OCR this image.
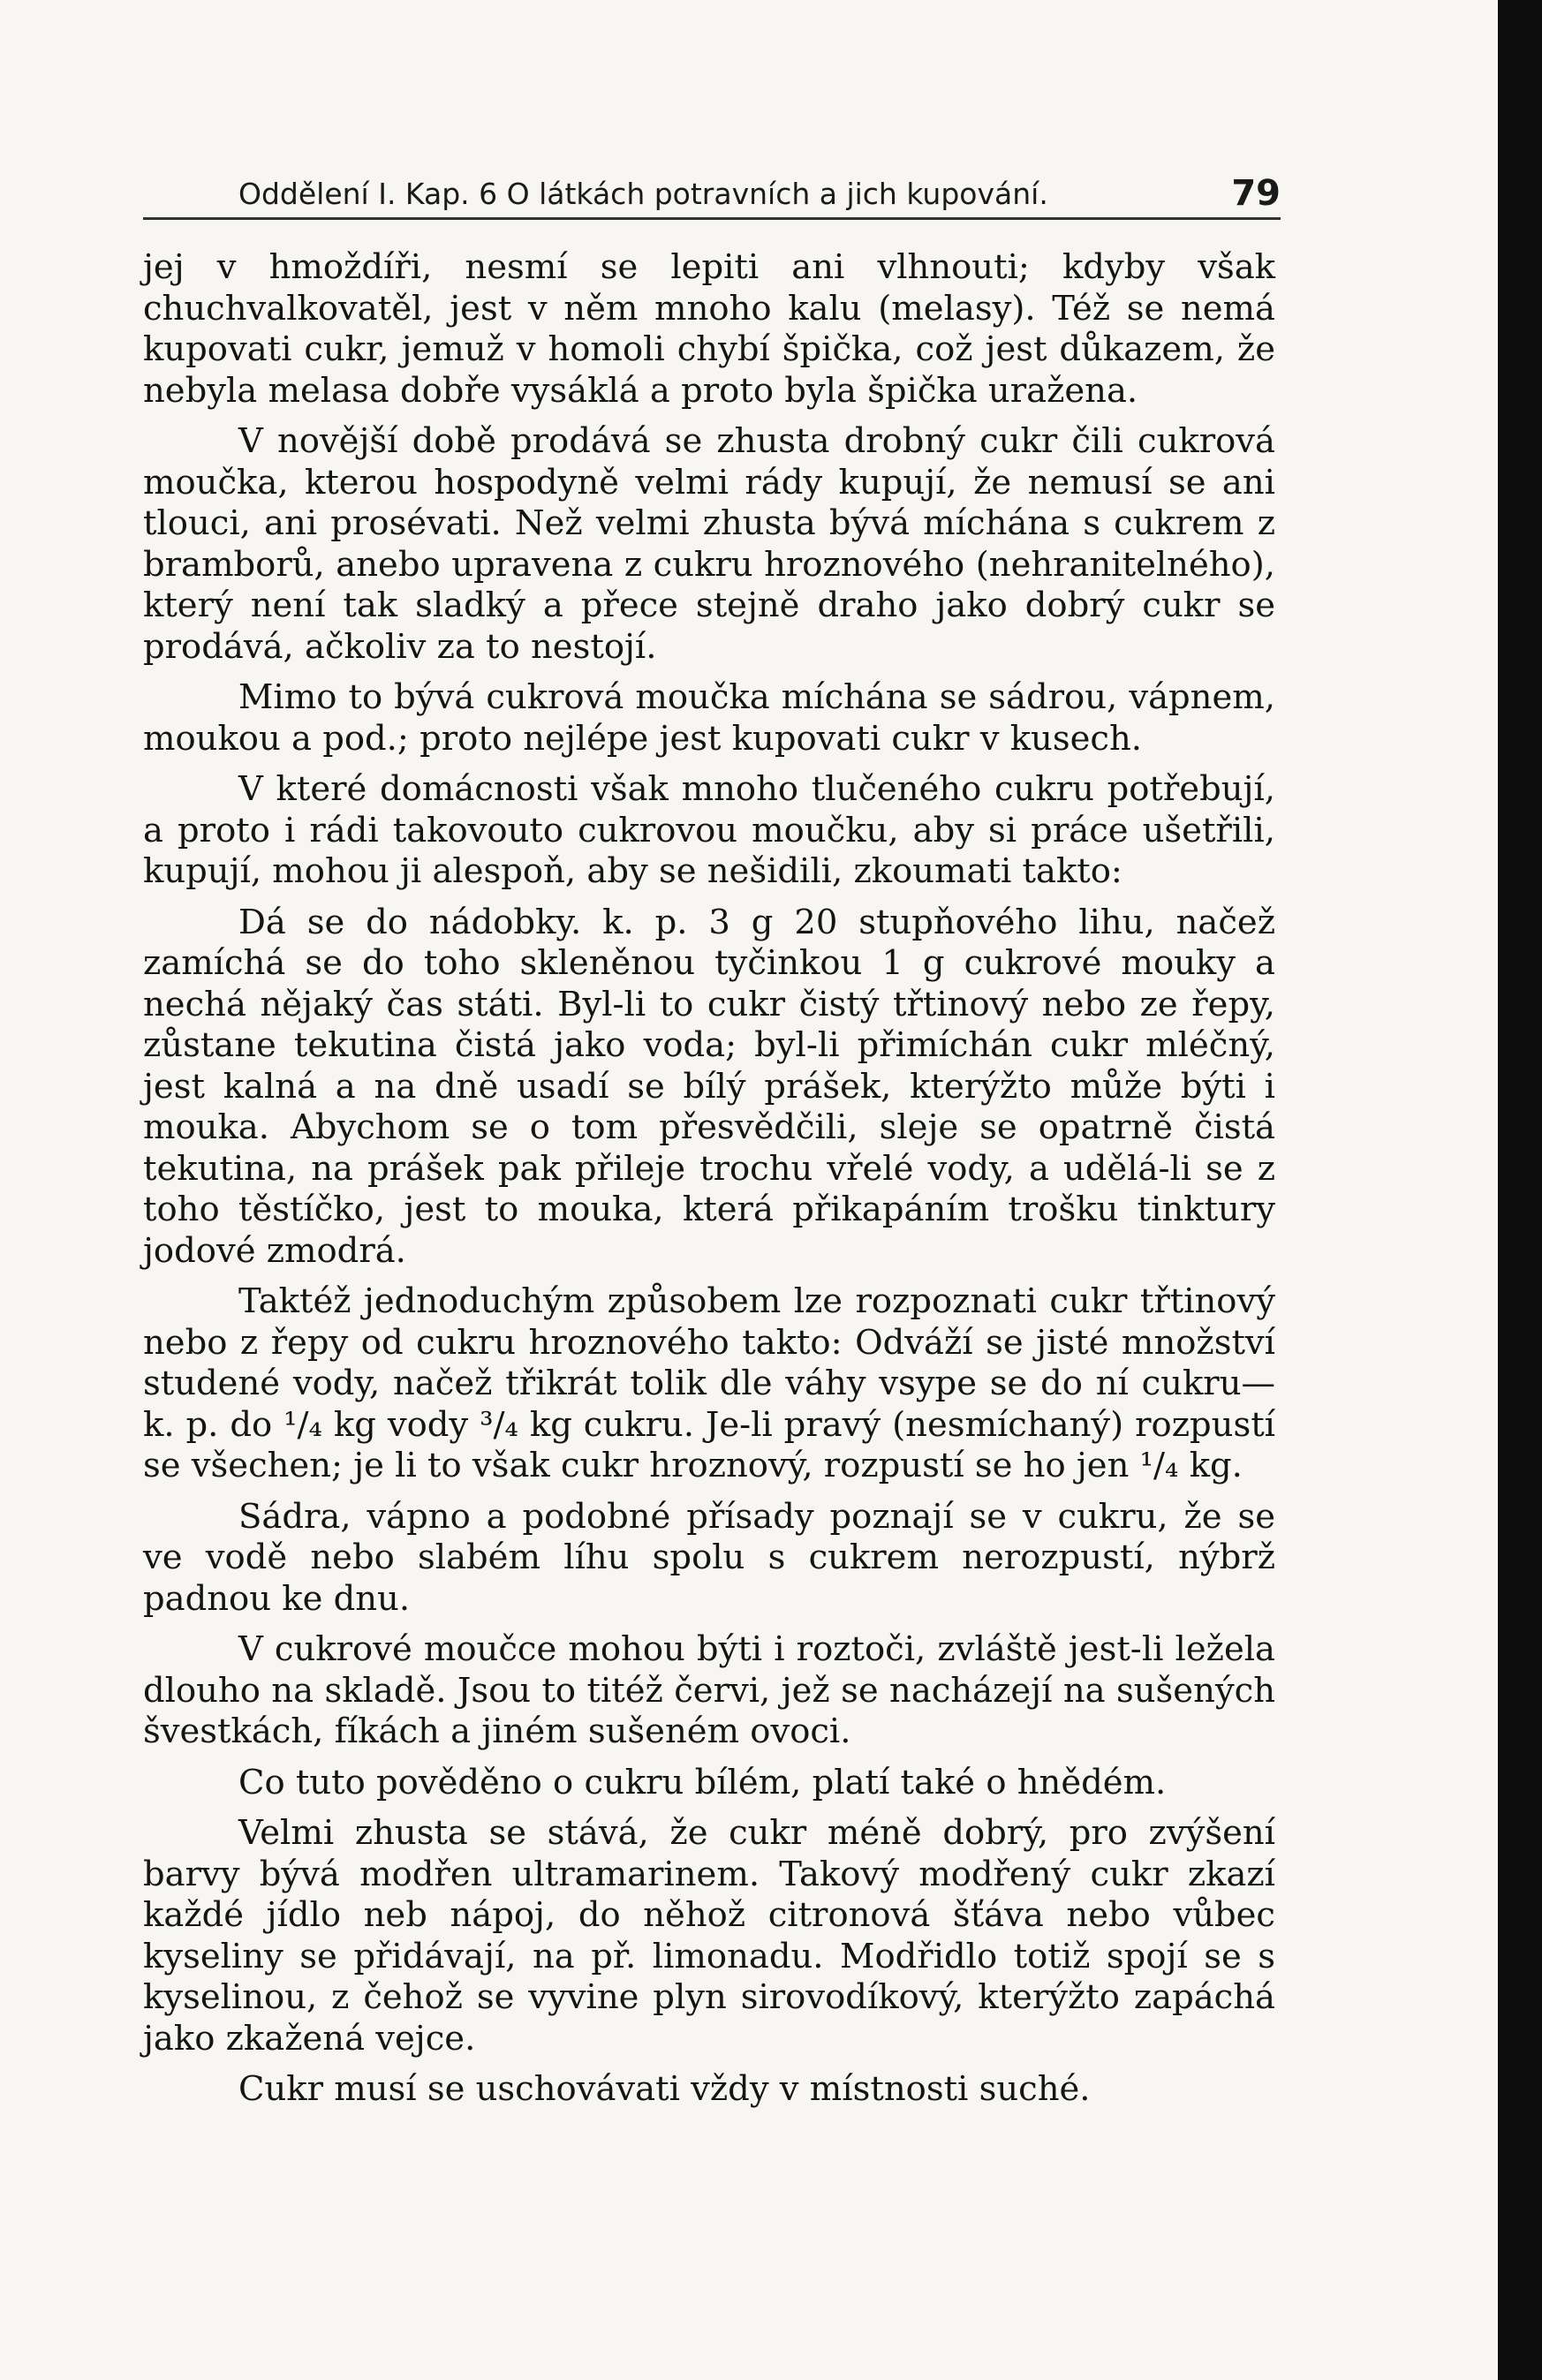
Oddělení I. Kap. 6 O látkách potravních a jich kupování.	79

jej v hmoždíři, nesmí se lepiti ani vlhnouti; kdyby však chuchvalkovatěl, jest v něm mnoho kalu (melasy). Též se nemá kupovati cukr, jemuž v homoli chybí špička, což jest důkazem, že nebyla melasa dobře vysáklá a proto byla špička uražena.

V novější době prodává se zhusta drobný cukr čili cukrová moučka, kterou hospodyně velmi rády kupují, že nemusí se ani tlouci, ani prosévati. Než velmi zhusta bývá míchána s cukrem z bramborů, anebo upravena z cukru hroznového (nehranitelného), který není tak sladký a přece stejně draho jako dobrý cukr se prodává, ačkoliv za to nestojí.

Mimo to bývá cukrová moučka míchána se sádrou, vápnem, moukou a pod.; proto nejlépe jest kupovati cukr v kusech.

V které domácnosti však mnoho tlučeného cukru potřebují, a proto i rádi takovouto cukrovou moučku, aby si práce ušetřili, kupují, mohou ji alespoň, aby se nešidili, zkoumati takto:

Dá se do nádobky. k. p. 3 g 20 stupňového lihu, načež zamíchá se do toho skleněnou tyčinkou 1 g cukrové mouky a nechá nějaký čas státi. Byl-li to cukr čistý třtinový nebo ze řepy, zůstane tekutina čistá jako voda; byl-li přimíchán cukr mléčný, jest kalná a na dně usadí se bílý prášek, kterýžto může býti i mouka. Abychom se o tom přesvědčili, sleje se opatrně čistá tekutina, na prášek pak přileje trochu vřelé vody, a udělá-li se z toho těstíčko, jest to mouka, která přikapáním trošku tinktury jodové zmodrá.

Taktéž jednoduchým způsobem lze rozpoznati cukr třtinový nebo z řepy od cukru hroznového takto: Odváží se jisté množství studené vody, načež třikrát tolik dle váhy vsype se do ní cukru— k. p. do ¹/₄ kg vody ³/₄ kg cukru. Je-li pravý (nesmíchaný) rozpustí se všechen; je li to však cukr hroznový, rozpustí se ho jen ¹/₄ kg.

Sádra, vápno a podobné přísady poznají se v cukru, že se ve vodě nebo slabém líhu spolu s cukrem nerozpustí, nýbrž padnou ke dnu.

V cukrové moučce mohou býti i roztoči, zvláště jest-li ležela dlouho na skladě. Jsou to titéž červi, jež se nacházejí na sušených švestkách, fíkách a jiném sušeném ovoci.

Co tuto pověděno o cukru bílém, platí také o hnědém.

Velmi zhusta se stává, že cukr méně dobrý, pro zvýšení barvy bývá modřen ultramarinem. Takový modřený cukr zkazí každé jídlo neb nápoj, do něhož citronová šťáva nebo vůbec kyseliny se přidávají, na př. limonadu. Modřidlo totiž spojí se s kyselinou, z čehož se vyvine plyn sirovodíkový, kterýžto zapáchá jako zkažená vejce.

Cukr musí se uschovávati vždy v místnosti suché.
